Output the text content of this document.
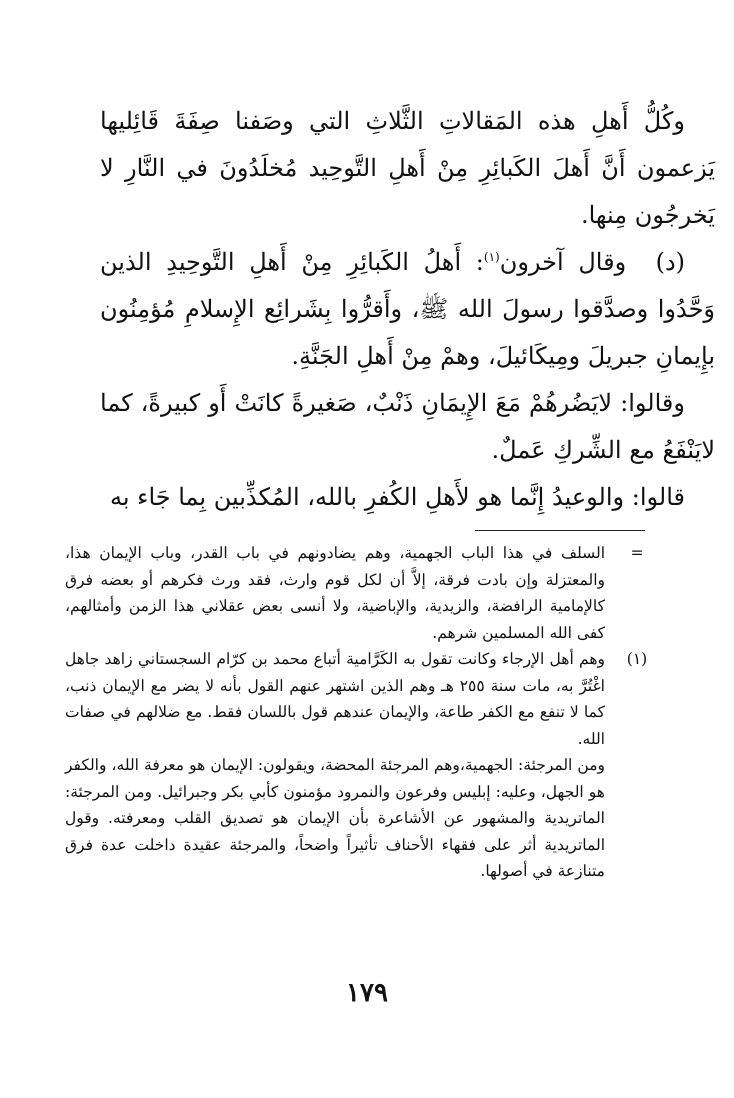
وكُلُّ أَهلِ هذه المَقالاتِ الثَّلاثِ التي وصَفنا صِفَةَ قَائِليها يَزعمون أَنَّ أَهلَ الكَبائِرِ مِنْ أَهلِ التَّوحِيد مُخلَدُونَ في النَّارِ لا يَخرجُون مِنها.

(د)  وقال آخرون$^{(١)}$: أَهلُ الكَبائِرِ مِنْ أَهلِ التَّوحِيدِ الذين وَحَّدُوا وصدَّقوا رسولَ الله ﷺ، وأَقرُّوا بِشَرائِع الإِسلامِ مُؤمِنُون بإِيمانِ جبريلَ ومِيكَائيلَ، وهمْ مِنْ أَهلِ الجَنَّةِ.

وقالوا: لايَضُرهُمْ مَعَ الإِيمَانِ ذَنْبٌ، صَغيرةً كانَتْ أَو كبيرةً، كما لايَنْفَعُ مع الشِّركِ عَملٌ.

قالوا: والوعيدُ إِنَّما هو لأَهلِ الكُفرِ بالله، المُكذِّبين بِما جَاء به

=
السلف في هذا الباب الجهمية، وهم يضادونهم في باب القدر، وباب الإيمان هذا، والمعتزلة وإن بادت فرقة، إلاَّ أن لكل قوم وارث، فقد ورث فكرهم أو بعضه فرق كالإمامية الرافضة، والزيدية، والإباضية، ولا أنسى بعض عقلاني هذا الزمن وأمثالهم، كفى الله المسلمين شرهم.

(١)
وهم أهل الإرجاء وكانت تقول به الكَرَّامية أتباع محمد بن كرّام السجستاني زاهد جاهل اغْتُرَّ به، مات سنة ٢٥٥ هـ وهم الذين اشتهر عنهم القول بأنه لا يضر مع الإيمان ذنب، كما لا تنفع مع الكفر طاعة، والإيمان عندهم قول باللسان فقط. مع ضلالهم في صفات الله.

ومن المرجئة: الجهمية،وهم المرجئة المحضة، ويقولون: الإيمان هو معرفة الله، والكفر هو الجهل، وعليه: إبليس وفرعون والنمرود مؤمنون كأبي بكر وجبرائيل. ومن المرجئة: الماتريدية والمشهور عن الأشاعرة بأن الإيمان هو تصديق القلب ومعرفته. وقول الماتريدية أثر على فقهاء الأحناف تأثيراً واضحاً، والمرجئة عقيدة داخلت عدة فرق متنازعة في أصولها.

١٧٩
